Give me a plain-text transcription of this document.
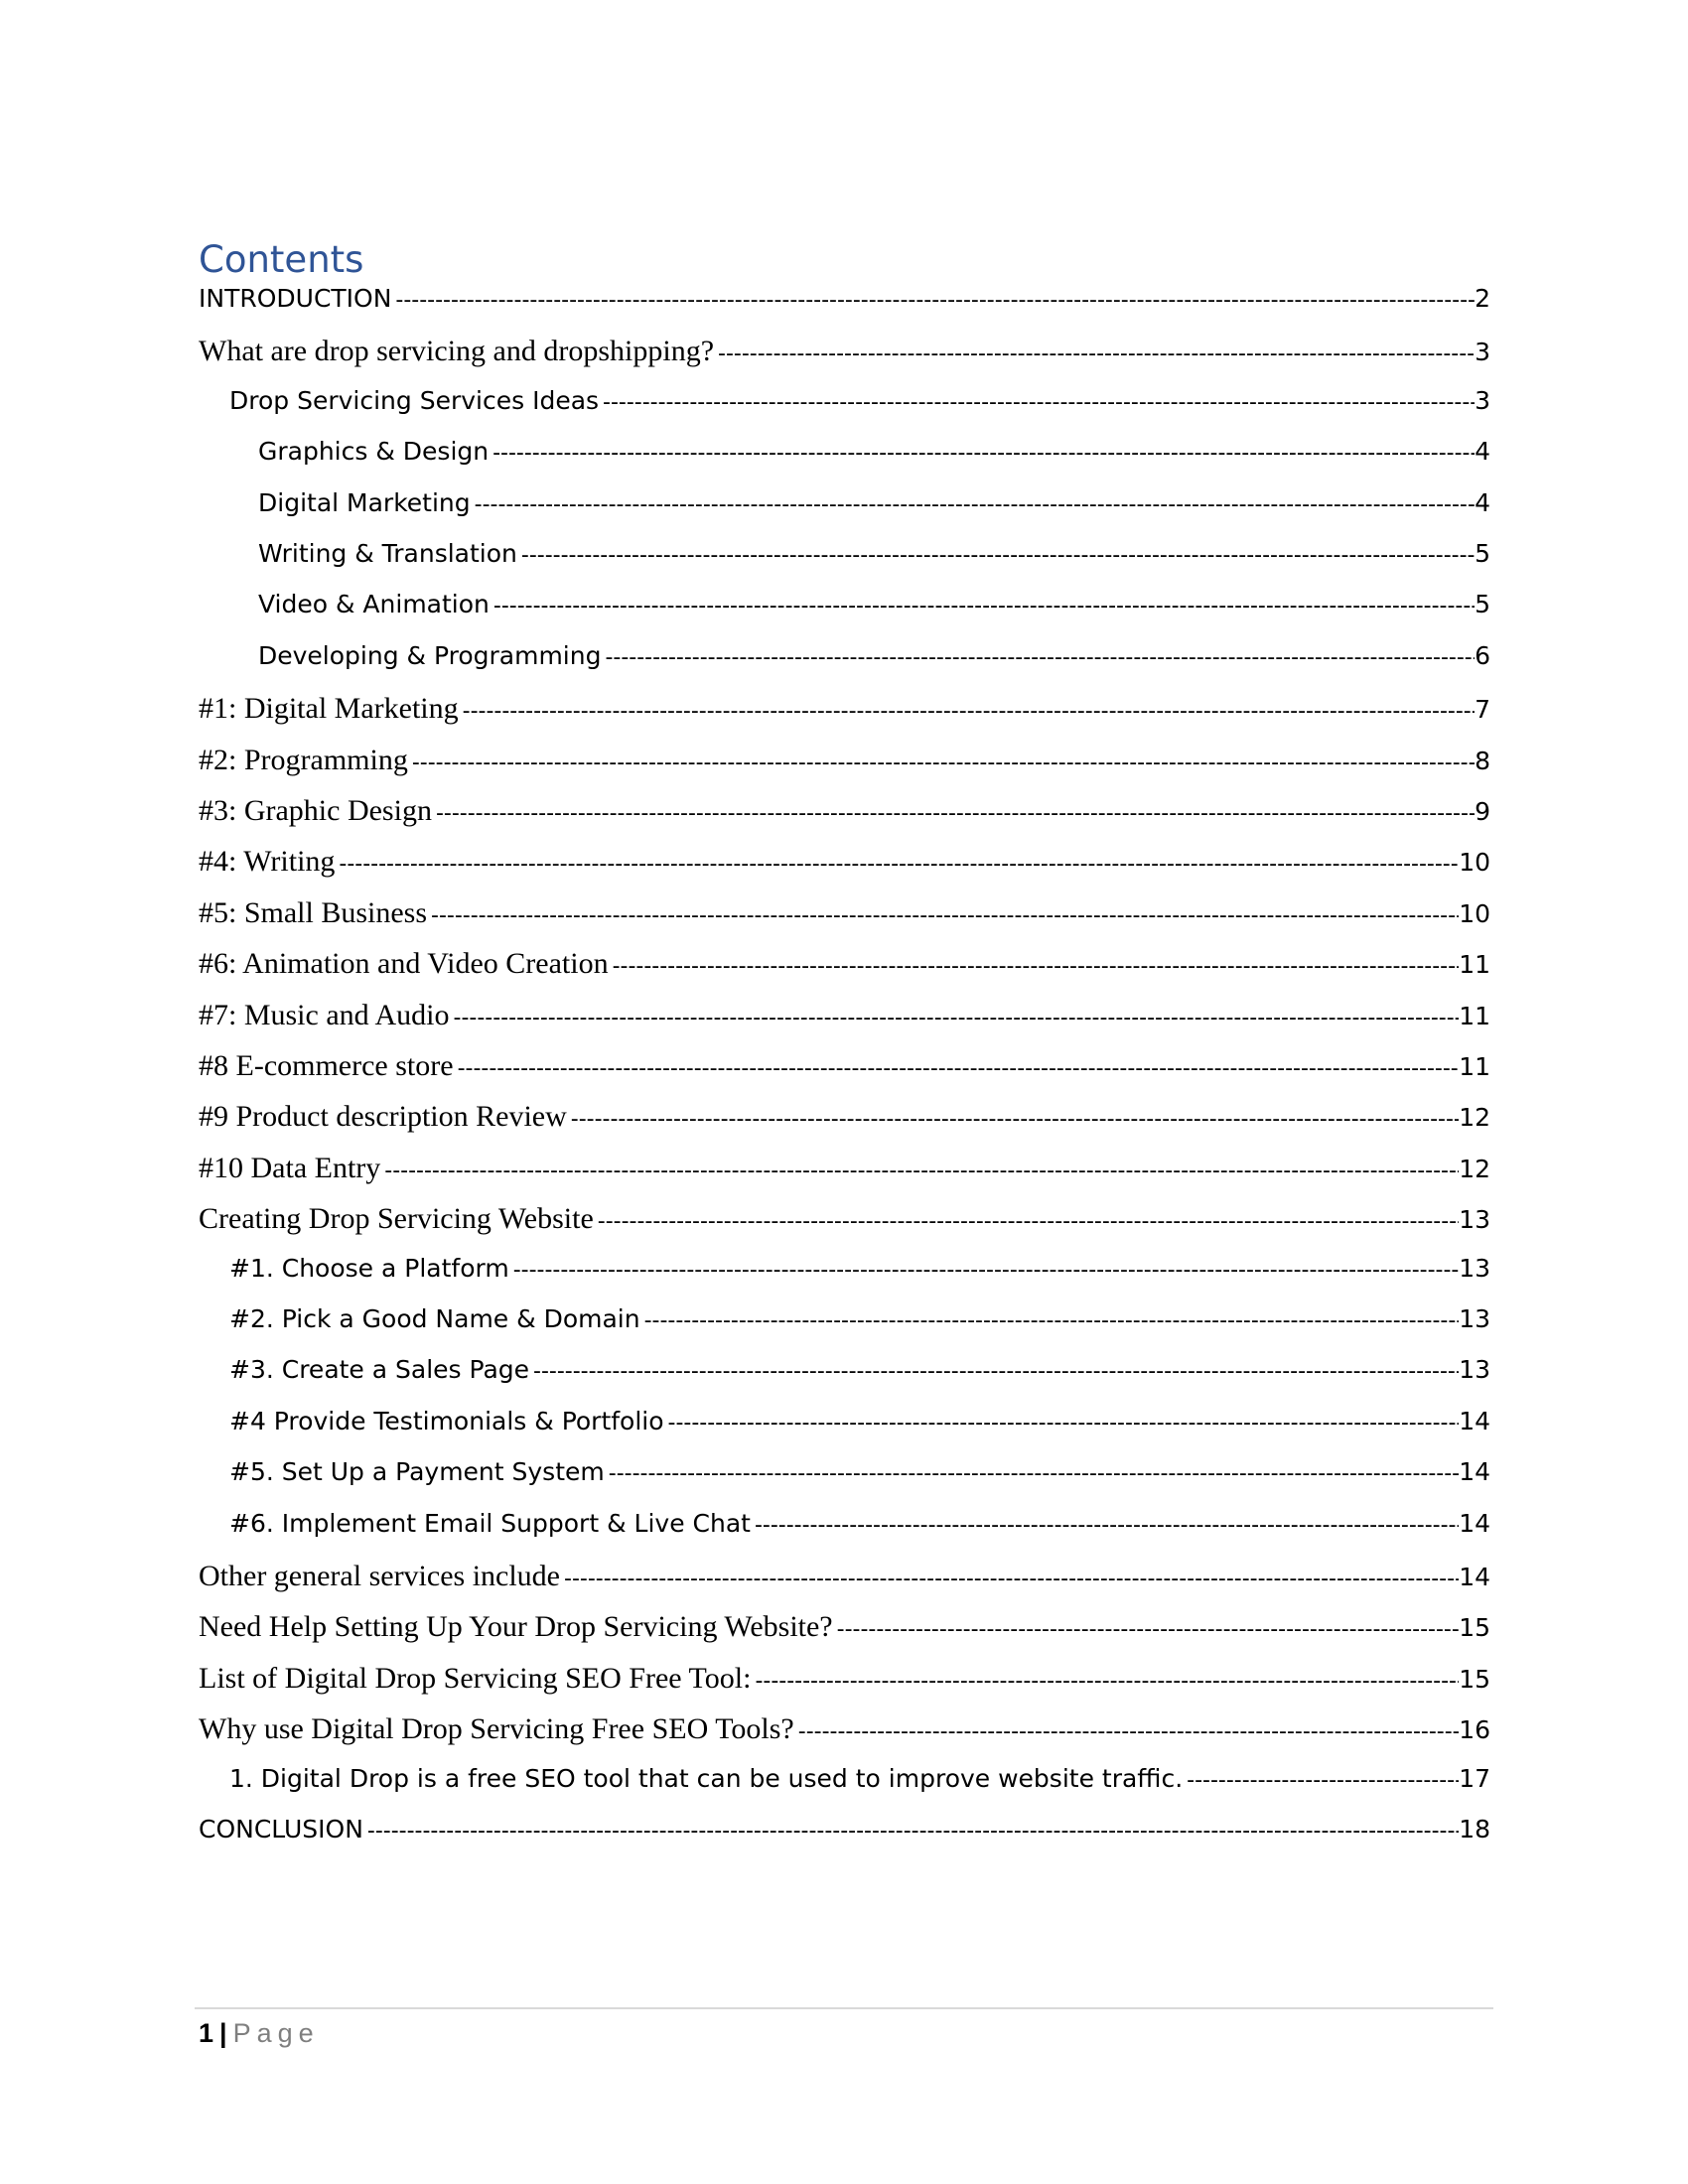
Contents
INTRODUCTION -----	2
What are drop servicing and dropshipping? -----	3
Drop Servicing Services Ideas -----	3
Graphics & Design -----	4
Digital Marketing -----	4
Writing & Translation -----	5
Video & Animation -----	5
Developing & Programming -----	6
#1: Digital Marketing -----	7
#2: Programming -----	8
#3: Graphic Design -----	9
#4: Writing -----	10
#5: Small Business -----	10
#6: Animation and Video Creation -----	11
#7: Music and Audio -----	11
#8 E-commerce store -----	11
#9 Product description Review -----	12
#10 Data Entry -----	12
Creating Drop Servicing Website -----	13
#1. Choose a Platform -----	13
#2. Pick a Good Name & Domain -----	13
#3. Create a Sales Page -----	13
#4 Provide Testimonials & Portfolio -----	14
#5. Set Up a Payment System -----	14
#6. Implement Email Support & Live Chat -----	14
Other general services include -----	14
Need Help Setting Up Your Drop Servicing Website? -----	15
List of Digital Drop Servicing SEO Free Tool: -----	15
Why use Digital Drop Servicing Free SEO Tools? -----	16
1. Digital Drop is a free SEO tool that can be used to improve website traffic. -----	17
CONCLUSION -----	18
1 | Page
